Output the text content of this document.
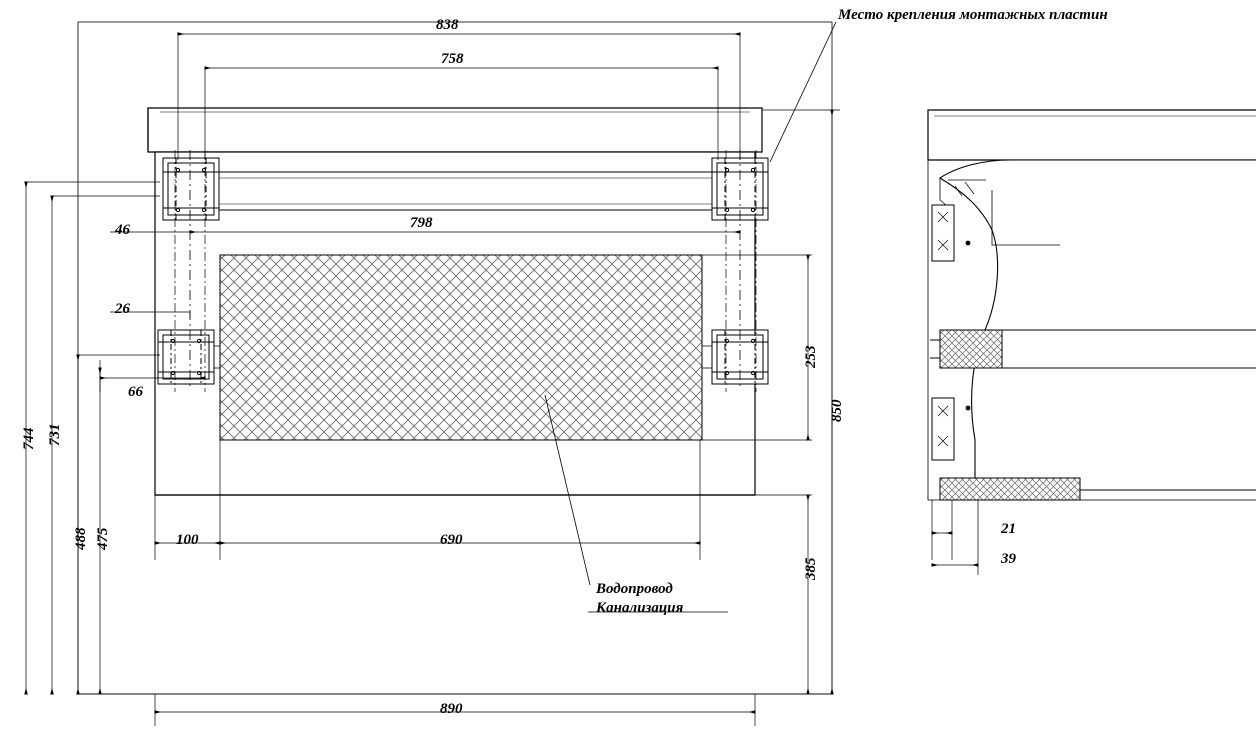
838
758
798
46
26
66
100	690
890
744 731
488 475
253
850
385
21
39
Место крепления монтажных пластин
Водопровод
Канализация
